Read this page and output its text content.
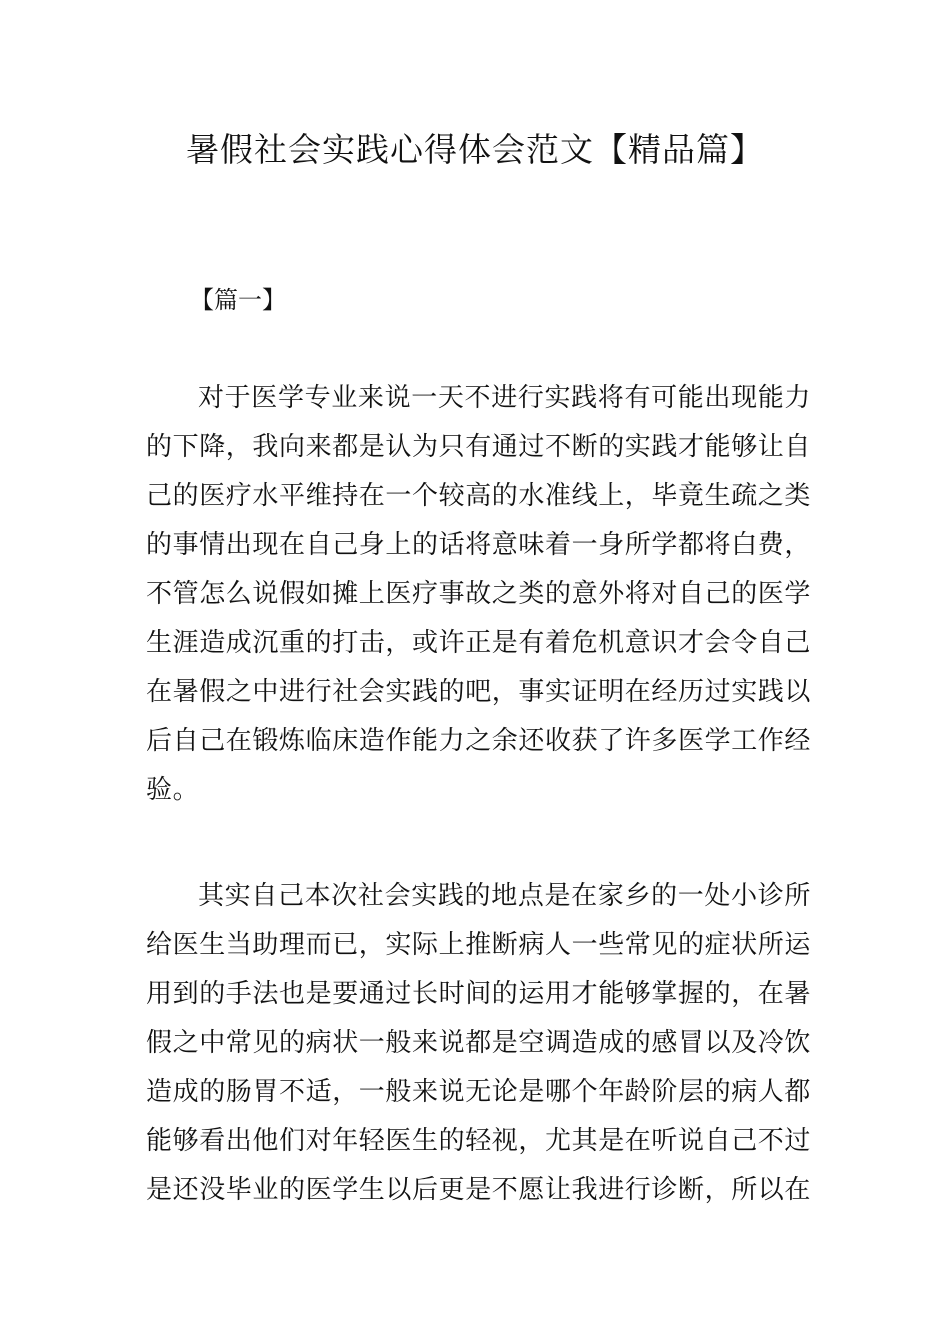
暑假社会实践心得体会范文【精品篇】
【篇一】

对于医学专业来说一天不进行实践将有可能出现能力的下降，我向来都是认为只有通过不断的实践才能够让自己的医疗水平维持在一个较高的水准线上，毕竟生疏之类的事情出现在自己身上的话将意味着一身所学都将白费，不管怎么说假如摊上医疗事故之类的意外将对自己的医学生涯造成沉重的打击，或许正是有着危机意识才会令自己在暑假之中进行社会实践的吧，事实证明在经历过实践以后自己在锻炼临床造作能力之余还收获了许多医学工作经验。

其实自己本次社会实践的地点是在家乡的一处小诊所给医生当助理而已，实际上推断病人一些常见的症状所运用到的手法也是要通过长时间的运用才能够掌握的，在暑假之中常见的病状一般来说都是空调造成的感冒以及冷饮造成的肠胃不适，一般来说无论是哪个年龄阶层的病人都能够看出他们对年轻医生的轻视，尤其是在听说自己不过是还没毕业的医学生以后更是不愿让我进行诊断，所以在
